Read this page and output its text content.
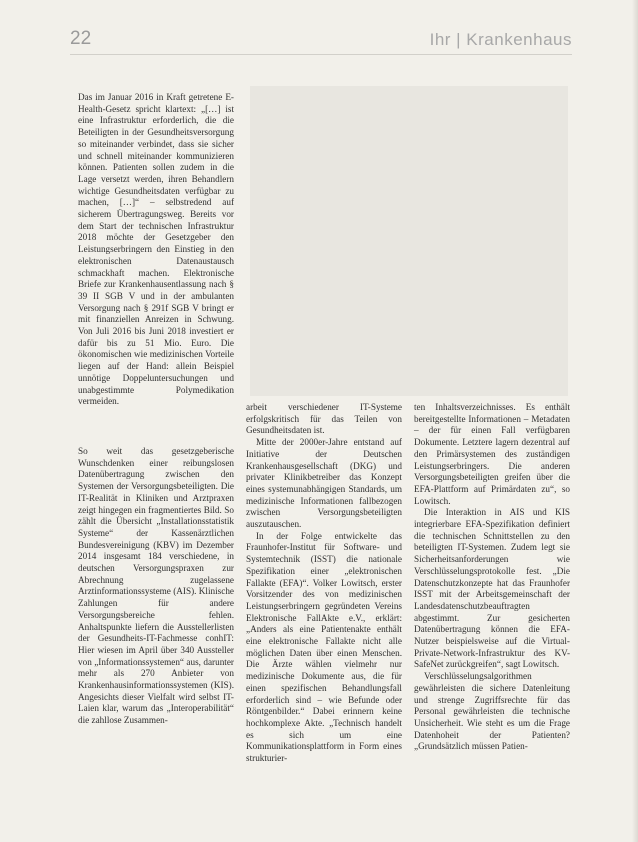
22	Ihr | Krankenhaus

Das im Januar 2016 in Kraft getretene E-Health-Gesetz spricht klartext: „[…] ist eine Infrastruktur erforderlich, die die Beteiligten in der Gesundheitsversorgung so miteinander verbindet, dass sie sicher und schnell miteinander kommunizieren können. Patienten sollen zudem in die Lage versetzt werden, ihren Behandlern wichtige Gesundheitsdaten verfügbar zu machen, […]“ – selbstredend auf sicherem Übertragungsweg. Bereits vor dem Start der technischen Infrastruktur 2018 möchte der Gesetzgeber den Leistungserbringern den Einstieg in den elektronischen Datenaustausch schmackhaft machen. Elektronische Briefe zur Krankenhausentlassung nach § 39 II SGB V und in der ambulanten Versorgung nach § 291f SGB V bringt er mit finanziellen Anreizen in Schwung. Von Juli 2016 bis Juni 2018 investiert er dafür bis zu 51 Mio. Euro. Die ökonomischen wie medizinischen Vorteile liegen auf der Hand: allein Beispiel unnötige Doppeluntersuchungen und unabgestimmte Polymedikation vermeiden.

So weit das gesetzgeberische Wunschdenken einer reibungslosen Datenübertragung zwischen den Systemen der Versorgungsbeteiligten. Die IT-Realität in Kliniken und Arztpraxen zeigt hingegen ein fragmentiertes Bild. So zählt die Übersicht „Installationsstatistik Systeme“ der Kassenärztlichen Bundesvereinigung (KBV) im Dezember 2014 insgesamt 184 verschiedene, in deutschen Versorgungspraxen zur Abrechnung zugelassene Arztinformationssysteme (AIS). Klinische Zahlungen für andere Versorgungsbereiche fehlen. Anhaltspunkte liefern die Ausstellerlisten der Gesundheits-IT-Fachmesse conhIT: Hier wiesen im April über 340 Aussteller von „Informationssystemen“ aus, darunter mehr als 270 Anbieter von Krankenhausinformationssystemen (KIS). Angesichts dieser Vielfalt wird selbst IT-Laien klar, warum das „Interoperabilität“ die zahllose Zusammen-

arbeit verschiedener IT-Systeme erfolgskritisch für das Teilen von Gesundheitsdaten ist.

Mitte der 2000er-Jahre entstand auf Initiative der Deutschen Krankenhausgesellschaft (DKG) und privater Klinikbetreiber das Konzept eines systemunabhängigen Standards, um medizinische Informationen fallbezogen zwischen Versorgungsbeteiligten auszutauschen.

In der Folge entwickelte das Fraunhofer-Institut für Software- und Systemtechnik (ISST) die nationale Spezifikation einer „elektronischen Fallakte (EFA)“. Volker Lowitsch, erster Vorsitzender des von medizinischen Leistungserbringern gegründeten Vereins Elektronische FallAkte e.V., erklärt: „Anders als eine Patientenakte enthält eine elektronische Fallakte nicht alle möglichen Daten über einen Menschen. Die Ärzte wählen vielmehr nur medizinische Dokumente aus, die für einen spezifischen Behandlungsfall erforderlich sind – wie Befunde oder Röntgenbilder.“ Dabei erinnern keine hochkomplexe Akte. „Technisch handelt es sich um eine Kommunikationsplattform in Form eines strukturier-

ten Inhaltsverzeichnisses. Es enthält bereitgestellte Informationen – Metadaten – der für einen Fall verfügbaren Dokumente. Letztere lagern dezentral auf den Primärsystemen des zuständigen Leistungserbringers. Die anderen Versorgungsbeteiligten greifen über die EFA-Plattform auf Primärdaten zu“, so Lowitsch.

Die Interaktion in AIS und KIS integrierbare EFA-Spezifikation definiert die technischen Schnittstellen zu den beteiligten IT-Systemen. Zudem legt sie Sicherheitsanforderungen wie Verschlüsselungsprotokolle fest. „Die Datenschutzkonzepte hat das Fraunhofer ISST mit der Arbeitsgemeinschaft der Landesdatenschutzbeauftragten abgestimmt. Zur gesicherten Datenübertragung können die EFA-Nutzer beispielsweise auf die Virtual-Private-Network-Infrastruktur des KV-SafeNet zurückgreifen“, sagt Lowitsch.

Verschlüsselungsalgorithmen gewährleisten die sichere Datenleitung und strenge Zugriffsrechte für das Personal gewährleisten die technische Unsicherheit. Wie steht es um die Frage Datenhoheit der Patienten? „Grundsätzlich müssen Patien-
